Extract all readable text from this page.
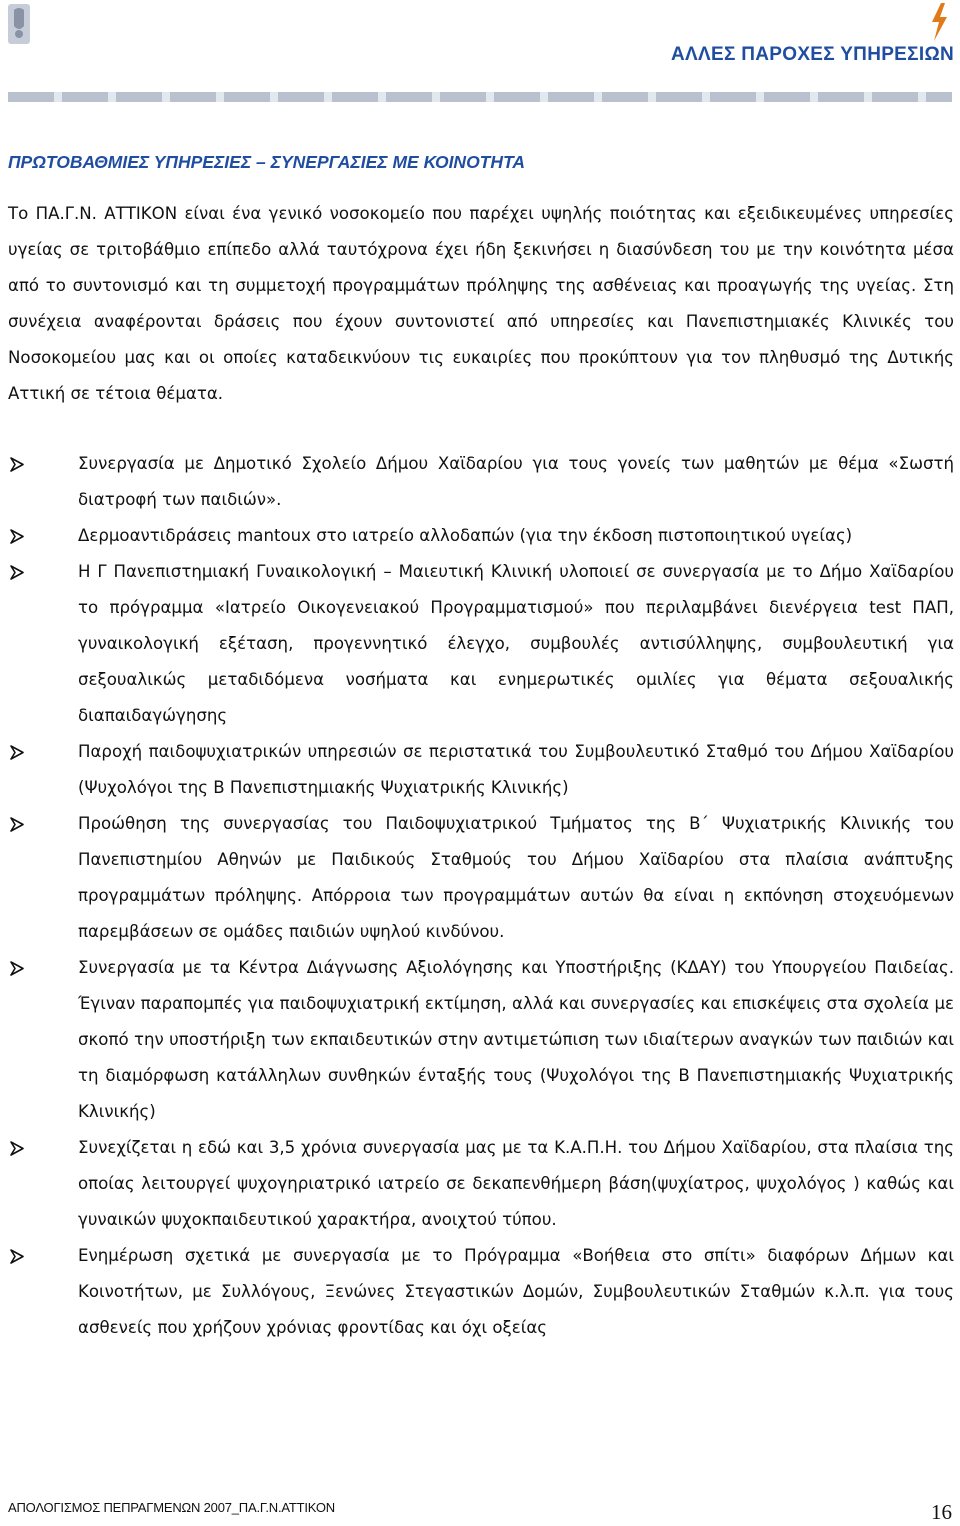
ΑΛΛΕΣ ΠΑΡΟΧΕΣ ΥΠΗΡΕΣΙΩΝ
ΠΡΩΤΟΒΑΘΜΙΕΣ ΥΠΗΡΕΣΙΕΣ – ΣΥΝΕΡΓΑΣΙΕΣ ΜΕ ΚΟΙΝΟΤΗΤΑ

Το ΠΑ.Γ.Ν. ΑΤΤΙΚΟΝ είναι ένα γενικό νοσοκομείο που παρέχει υψηλής ποιότητας και εξειδικευμένες υπηρεσίες υγείας σε τριτοβάθμιο επίπεδο αλλά ταυτόχρονα έχει ήδη ξεκινήσει η διασύνδεση του με την κοινότητα μέσα από το συντονισμό και τη συμμετοχή προγραμμάτων πρόληψης της ασθένειας και προαγωγής της υγείας. Στη συνέχεια αναφέρονται δράσεις που έχουν συντονιστεί από υπηρεσίες και Πανεπιστημιακές Κλινικές του Νοσοκομείου μας και οι οποίες καταδεικνύουν τις ευκαιρίες που προκύπτουν για τον πληθυσμό της Δυτικής Αττική σε τέτοια θέματα.

Συνεργασία με Δημοτικό Σχολείο Δήμου Χαϊδαρίου για τους γονείς των μαθητών με θέμα «Σωστή διατροφή των παιδιών».
Δερμοαντιδράσεις mantoux στο ιατρείο αλλοδαπών (για την έκδοση πιστοποιητικού υγείας)
Η Γ Πανεπιστημιακή Γυναικολογική – Μαιευτική Κλινική υλοποιεί σε συνεργασία με το Δήμο Χαϊδαρίου το πρόγραμμα «Ιατρείο Οικογενειακού Προγραμματισμού» που περιλαμβάνει διενέργεια test ΠΑΠ, γυναικολογική εξέταση, προγεννητικό έλεγχο, συμβουλές αντισύλληψης, συμβουλευτική για σεξουαλικώς μεταδιδόμενα νοσήματα και ενημερωτικές ομιλίες για θέματα σεξουαλικής διαπαιδαγώγησης
Παροχή παιδοψυχιατρικών υπηρεσιών σε περιστατικά του Συμβουλευτικό Σταθμό του Δήμου Χαϊδαρίου (Ψυχολόγοι της Β Πανεπιστημιακής Ψυχιατρικής Κλινικής)
Προώθηση της συνεργασίας του Παιδοψυχιατρικού Τμήματος της Β΄ Ψυχιατρικής Κλινικής του Πανεπιστημίου Αθηνών με Παιδικούς Σταθμούς του Δήμου Χαϊδαρίου στα πλαίσια ανάπτυξης προγραμμάτων πρόληψης. Απόρροια των προγραμμάτων αυτών θα είναι η εκπόνηση στοχευόμενων παρεμβάσεων σε ομάδες παιδιών υψηλού κινδύνου.
Συνεργασία με τα Κέντρα Διάγνωσης Αξιολόγησης και Υποστήριξης (ΚΔΑΥ) του Υπουργείου Παιδείας. Έγιναν παραπομπές για παιδοψυχιατρική εκτίμηση, αλλά και συνεργασίες και επισκέψεις στα σχολεία με σκοπό την υποστήριξη των εκπαιδευτικών στην αντιμετώπιση των ιδιαίτερων αναγκών των παιδιών και τη διαμόρφωση κατάλληλων συνθηκών ένταξής τους (Ψυχολόγοι της Β Πανεπιστημιακής Ψυχιατρικής Κλινικής)
Συνεχίζεται η εδώ και 3,5 χρόνια συνεργασία μας με τα Κ.Α.Π.Η. του Δήμου Χαϊδαρίου, στα πλαίσια της οποίας λειτουργεί ψυχογηριατρικό ιατρείο σε δεκαπενθήμερη βάση(ψυχίατρος, ψυχολόγος ) καθώς και γυναικών ψυχοκπαιδευτικού χαρακτήρα, ανοιχτού τύπου.
Ενημέρωση σχετικά με συνεργασία με το Πρόγραμμα «Βοήθεια στο σπίτι» διαφόρων Δήμων και Κοινοτήτων, με Συλλόγους, Ξενώνες Στεγαστικών Δομών, Συμβουλευτικών Σταθμών κ.λ.π. για τους ασθενείς που χρήζουν χρόνιας φροντίδας και όχι οξείας
ΑΠΟΛΟΓΙΣΜΟΣ ΠΕΠΡΑΓΜΕΝΩΝ 2007_ΠΑ.Γ.Ν.ΑΤΤΙΚΟΝ	16
